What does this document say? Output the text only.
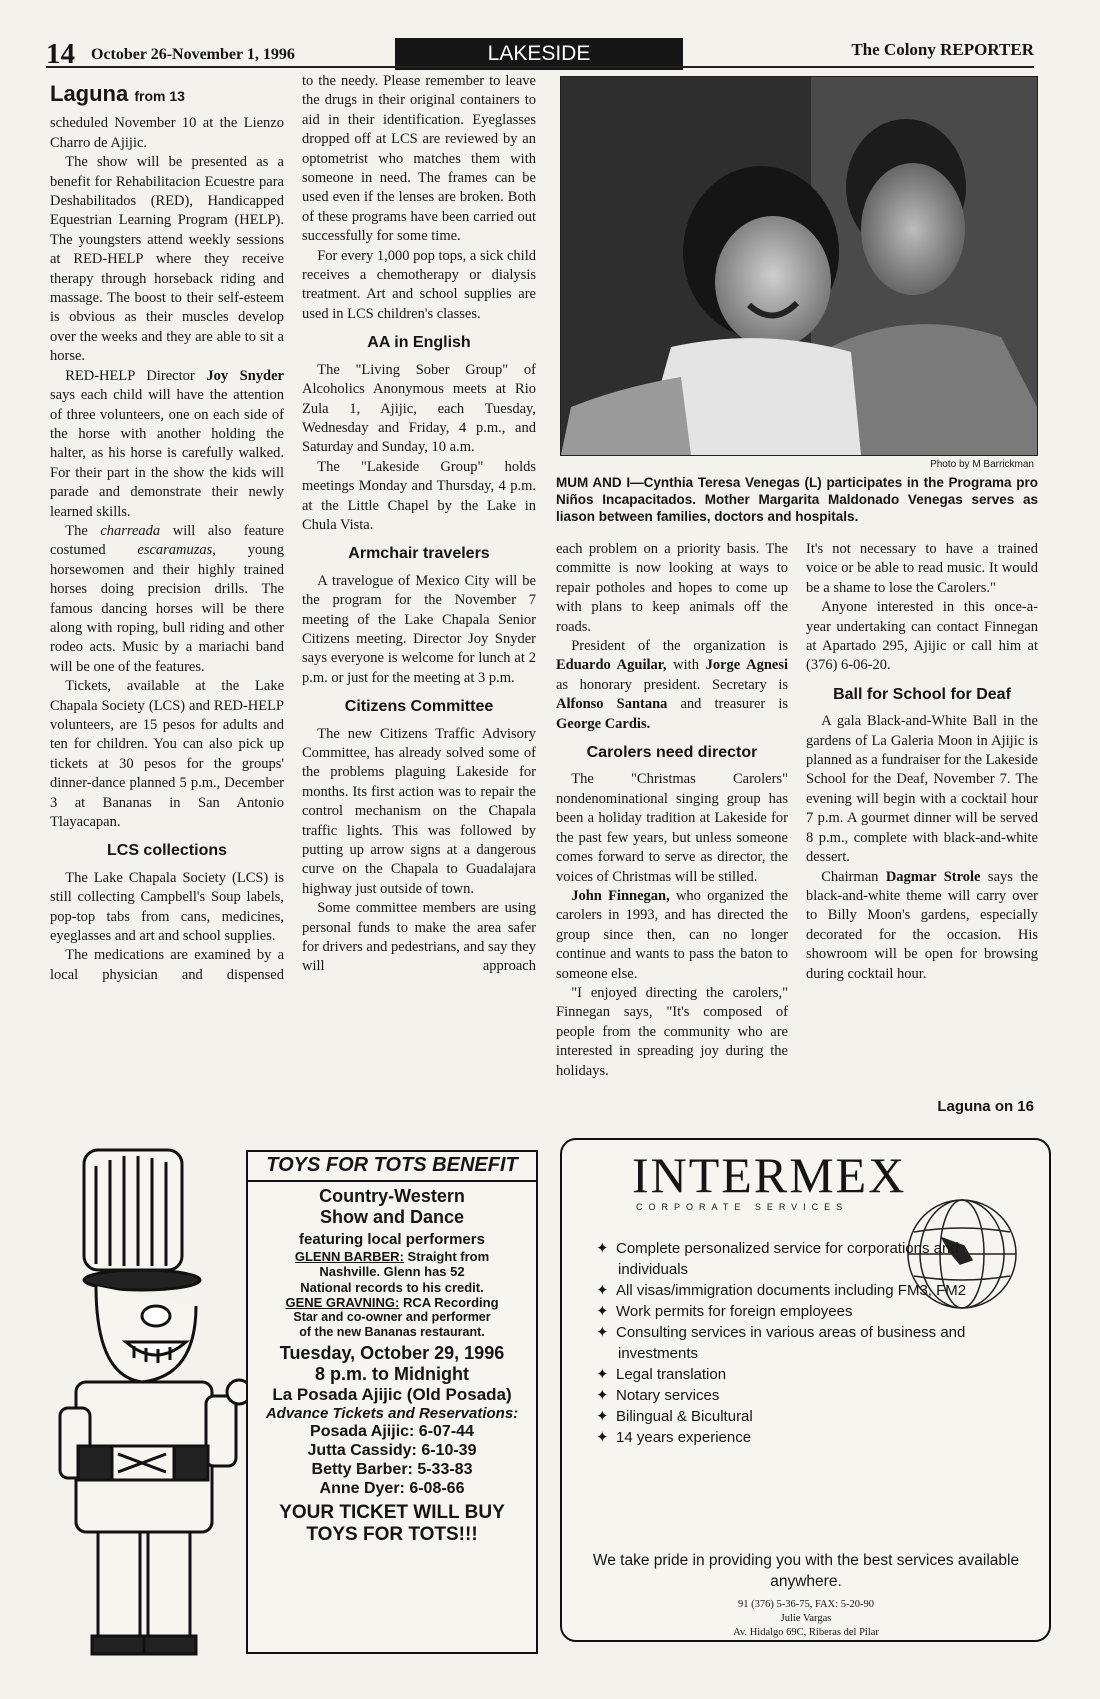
14 October 26-November 1, 1996	LAKESIDE	The Colony REPORTER
Laguna from 13

scheduled November 10 at the Lienzo Charro de Ajijic.

The show will be presented as a benefit for Rehabilitacion Ecuestre para Deshabilitados (RED), Handicapped Equestrian Learning Program (HELP). The youngsters attend weekly sessions at RED-HELP where they receive therapy through horseback riding and massage. The boost to their self-esteem is obvious as their muscles develop over the weeks and they are able to sit a horse.

RED-HELP Director Joy Snyder says each child will have the attention of three volunteers, one on each side of the horse with another holding the halter, as his horse is carefully walked. For their part in the show the kids will parade and demonstrate their newly learned skills.

The charreada will also feature costumed escaramuzas, young horsewomen and their highly trained horses doing precision drills. The famous dancing horses will be there along with roping, bull riding and other rodeo acts. Music by a mariachi band will be one of the features.

Tickets, available at the Lake Chapala Society (LCS) and RED-HELP volunteers, are 15 pesos for adults and ten for children. You can also pick up tickets at 30 pesos for the groups' dinner-dance planned 5 p.m., December 3 at Bananas in San Antonio Tlayacapan.

LCS collections

The Lake Chapala Society (LCS) is still collecting Campbell's Soup labels, pop-top tabs from cans, medicines, eyeglasses and art and school supplies.

The medications are examined by a local physician and dispensed

to the needy. Please remember to leave the drugs in their original containers to aid in their identification. Eyeglasses dropped off at LCS are reviewed by an optometrist who matches them with someone in need. The frames can be used even if the lenses are broken. Both of these programs have been carried out successfully for some time.

For every 1,000 pop tops, a sick child receives a chemotherapy or dialysis treatment. Art and school supplies are used in LCS children's classes.

AA in English

The "Living Sober Group" of Alcoholics Anonymous meets at Rio Zula 1, Ajijic, each Tuesday, Wednesday and Friday, 4 p.m., and Saturday and Sunday, 10 a.m.

The "Lakeside Group" holds meetings Monday and Thursday, 4 p.m. at the Little Chapel by the Lake in Chula Vista.

Armchair travelers

A travelogue of Mexico City will be the program for the November 7 meeting of the Lake Chapala Senior Citizens meeting. Director Joy Snyder says everyone is welcome for lunch at 2 p.m. or just for the meeting at 3 p.m.

Citizens Committee

The new Citizens Traffic Advisory Committee, has already solved some of the problems plaguing Lakeside for months. Its first action was to repair the control mechanism on the Chapala traffic lights. This was followed by putting up arrow signs at a dangerous curve on the Chapala to Guadalajara highway just outside of town.

Some committee members are using personal funds to make the area safer for drivers and pedestrians, and say they will approach

Photo by M Barrickman
MUM AND I—Cynthia Teresa Venegas (L) participates in the Programa pro Niños Incapacitados. Mother Margarita Maldonado Venegas serves as liason between families, doctors and hospitals.

each problem on a priority basis. The committe is now looking at ways to repair potholes and hopes to come up with plans to keep animals off the roads.

President of the organization is Eduardo Aguilar, with Jorge Agnesi as honorary president. Secretary is Alfonso Santana and treasurer is George Cardis.

Carolers need director

The "Christmas Carolers" nondenominational singing group has been a holiday tradition at Lakeside for the past few years, but unless someone comes forward to serve as director, the voices of Christmas will be stilled.

John Finnegan, who organized the carolers in 1993, and has directed the group since then, can no longer continue and wants to pass the baton to someone else.

"I enjoyed directing the carolers," Finnegan says, "It's composed of people from the community who are interested in spreading joy during the holidays.

It's not necessary to have a trained voice or be able to read music. It would be a shame to lose the Carolers."

Anyone interested in this once-a-year undertaking can contact Finnegan at Apartado 295, Ajijic or call him at (376) 6-06-20.

Ball for School for Deaf

A gala Black-and-White Ball in the gardens of La Galeria Moon in Ajijic is planned as a fundraiser for the Lakeside School for the Deaf, November 7. The evening will begin with a cocktail hour 7 p.m. A gourmet dinner will be served 8 p.m., complete with black-and-white dessert.

Chairman Dagmar Strole says the black-and-white theme will carry over to Billy Moon's gardens, especially decorated for the occasion. His showroom will be open for browsing during cocktail hour.

Laguna on 16
TOYS FOR TOTS BENEFIT
Country-Western
Show and Dance
featuring local performers
GLENN BARBER: Straight from
Nashville. Glenn has 52
National records to his credit.
GENE GRAVNING: RCA Recording
Star and co-owner and performer
of the new Bananas restaurant.
Tuesday, October 29, 1996
8 p.m. to Midnight
La Posada Ajijic (Old Posada)
Advance Tickets and Reservations:
Posada Ajijic: 6-07-44
Jutta Cassidy: 6-10-39
Betty Barber: 5-33-83
Anne Dyer: 6-08-66
YOUR TICKET WILL BUY
TOYS FOR TOTS!!!
INTERMEX
CORPORATE SERVICES
✦ Complete personalized service for corporations and individuals
✦ All visas/immigration documents including FM3, FM2
✦ Work permits for foreign employees
✦ Consulting services in various areas of business and investments
✦ Legal translation
✦ Notary services
✦ Bilingual & Bicultural
✦ 14 years experience
We take pride in providing you with the best services available anywhere.
91 (376) 5-36-75, FAX: 5-20-90
Julie Vargas
Av. Hidalgo 69C, Riberas del Pilar
